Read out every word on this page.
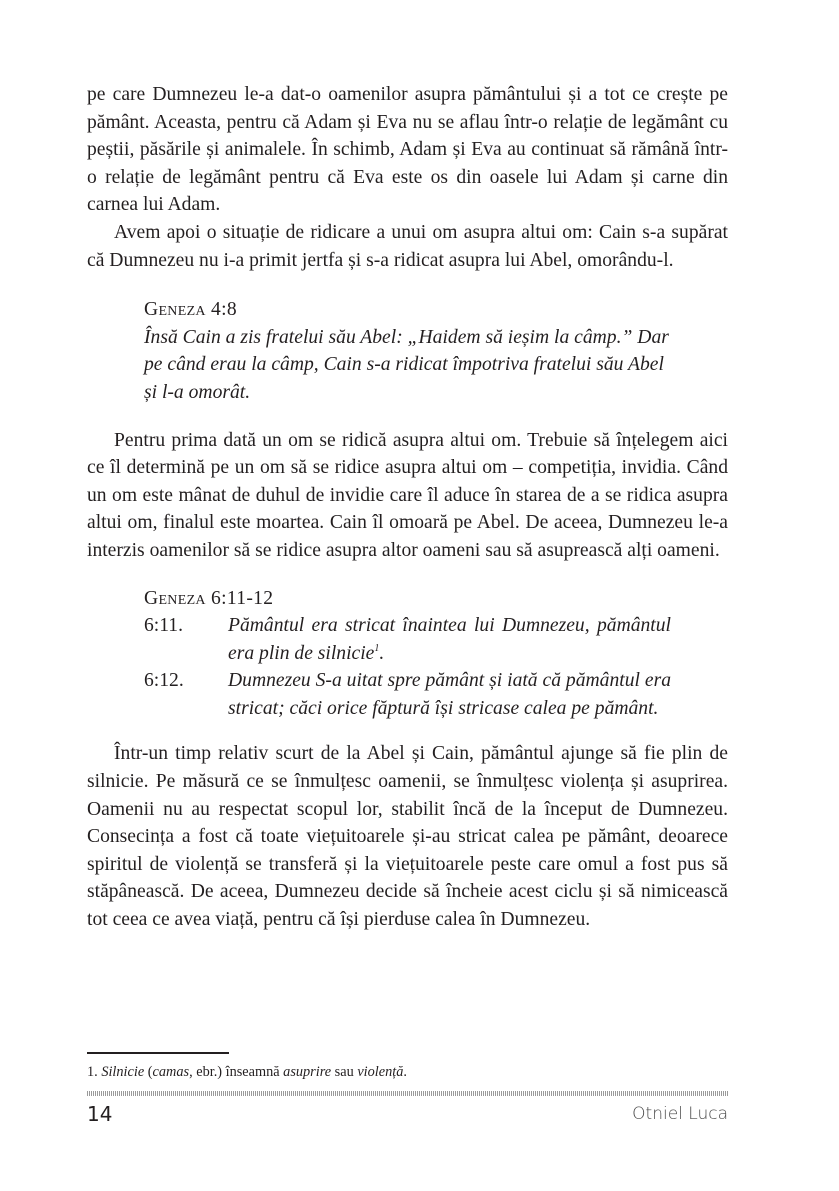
pe care Dumnezeu le-a dat-o oamenilor asupra pământului și a tot ce crește pe pământ. Aceasta, pentru că Adam și Eva nu se aflau într-o relație de legământ cu peștii, păsările și animalele. În schimb, Adam și Eva au continuat să rămână într-o relație de legământ pentru că Eva este os din oasele lui Adam și carne din carnea lui Adam.

Avem apoi o situație de ridicare a unui om asupra altui om: Cain s-a supărat că Dumnezeu nu i-a primit jertfa și s-a ridicat asupra lui Abel, omorându-l.

Geneza 4:8
Însă Cain a zis fratelui său Abel: „Haidem să ieșim la câmp.” Dar pe când erau la câmp, Cain s-a ridicat împotriva fratelui său Abel și l-a omorât.

Pentru prima dată un om se ridică asupra altui om. Trebuie să înțelegem aici ce îl determină pe un om să se ridice asupra altui om – competiția, invidia. Când un om este mânat de duhul de invidie care îl aduce în starea de a se ridica asupra altui om, finalul este moartea. Cain îl omoară pe Abel. De aceea, Dumnezeu le-a interzis oamenilor să se ridice asupra altor oameni sau să asuprească alți oameni.

Geneza 6:11-12
6:11.	Pământul era stricat înaintea lui Dumnezeu, pământul era plin de silnicie$^1$.
6:12.	Dumnezeu S-a uitat spre pământ și iată că pământul era stricat; căci orice făptură își stricase calea pe pământ.

Într-un timp relativ scurt de la Abel și Cain, pământul ajunge să fie plin de silnicie. Pe măsură ce se înmulțesc oamenii, se înmulțesc violența și asuprirea. Oamenii nu au respectat scopul lor, stabilit încă de la început de Dumnezeu. Consecința a fost că toate viețuitoarele și-au stricat calea pe pământ, deoarece spiritul de violență se transferă și la viețuitoarele peste care omul a fost pus să stăpânească. De aceea, Dumnezeu decide să încheie acest ciclu și să nimicească tot ceea ce avea viață, pentru că își pierduse calea în Dumnezeu.

1. Silnicie (camas, ebr.) înseamnă asuprire sau violență.
14	Otniel Luca
